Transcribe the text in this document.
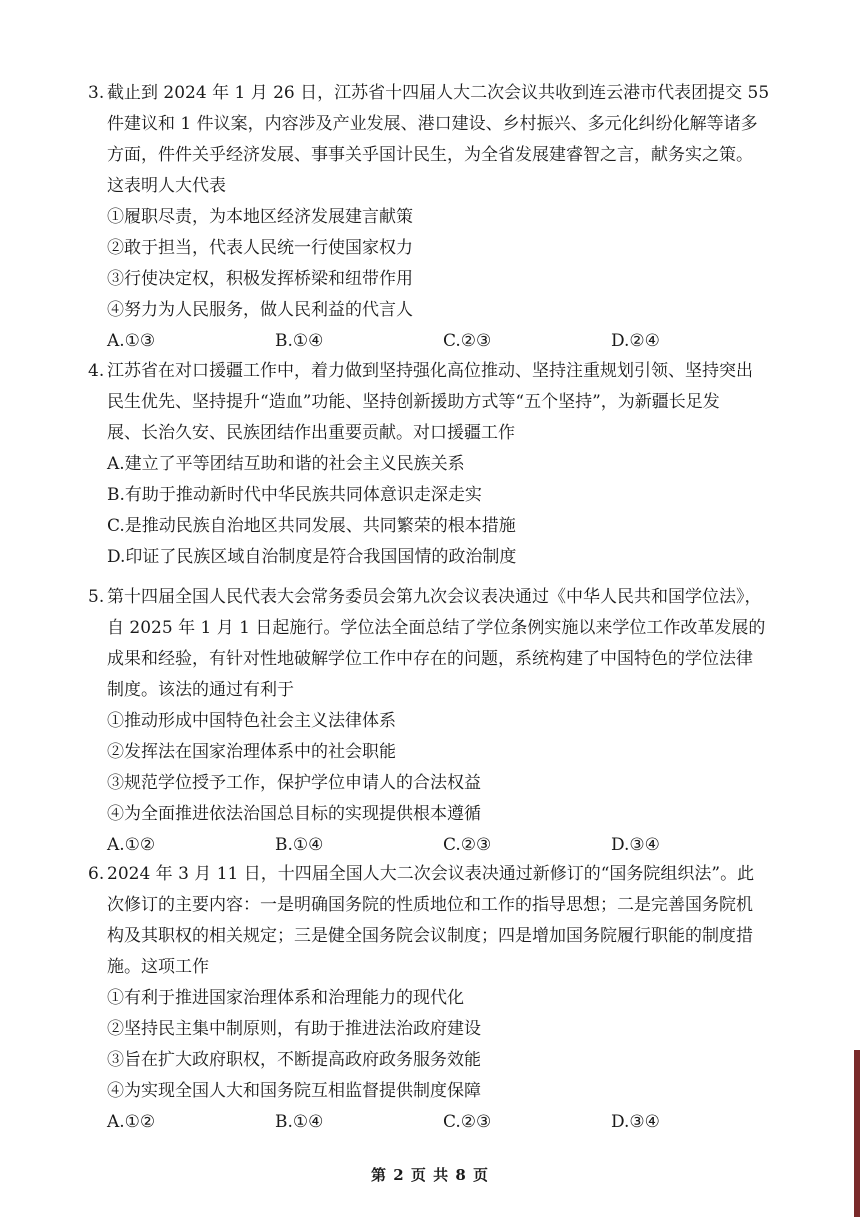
3. 截止到 2024 年 1 月 26 日，江苏省十四届人大二次会议共收到连云港市代表团提交 55
件建议和 1 件议案，内容涉及产业发展、港口建设、乡村振兴、多元化纠纷化解等诸多
方面，件件关乎经济发展、事事关乎国计民生，为全省发展建睿智之言，献务实之策。
这表明人大代表
①履职尽责，为本地区经济发展建言献策
②敢于担当，代表人民统一行使国家权力
③行使决定权，积极发挥桥梁和纽带作用
④努力为人民服务，做人民利益的代言人
A.①③	B.①④	C.②③	D.②④
4. 江苏省在对口援疆工作中，着力做到坚持强化高位推动、坚持注重规划引领、坚持突出
民生优先、坚持提升“造血”功能、坚持创新援助方式等“五个坚持”，为新疆长足发
展、长治久安、民族团结作出重要贡献。对口援疆工作
A.建立了平等团结互助和谐的社会主义民族关系
B.有助于推动新时代中华民族共同体意识走深走实
C.是推动民族自治地区共同发展、共同繁荣的根本措施
D.印证了民族区域自治制度是符合我国国情的政治制度
5. 第十四届全国人民代表大会常务委员会第九次会议表决通过《中华人民共和国学位法》，
自 2025 年 1 月 1 日起施行。学位法全面总结了学位条例实施以来学位工作改革发展的
成果和经验，有针对性地破解学位工作中存在的问题，系统构建了中国特色的学位法律
制度。该法的通过有利于
①推动形成中国特色社会主义法律体系
②发挥法在国家治理体系中的社会职能
③规范学位授予工作，保护学位申请人的合法权益
④为全面推进依法治国总目标的实现提供根本遵循
A.①②	B.①④	C.②③	D.③④
6. 2024 年 3 月 11 日，十四届全国人大二次会议表决通过新修订的“国务院组织法”。此
次修订的主要内容：一是明确国务院的性质地位和工作的指导思想；二是完善国务院机
构及其职权的相关规定；三是健全国务院会议制度；四是增加国务院履行职能的制度措
施。这项工作
①有利于推进国家治理体系和治理能力的现代化
②坚持民主集中制原则，有助于推进法治政府建设
③旨在扩大政府职权，不断提高政府政务服务效能
④为实现全国人大和国务院互相监督提供制度保障
A.①②	B.①④	C.②③	D.③④
第 2 页 共 8 页
